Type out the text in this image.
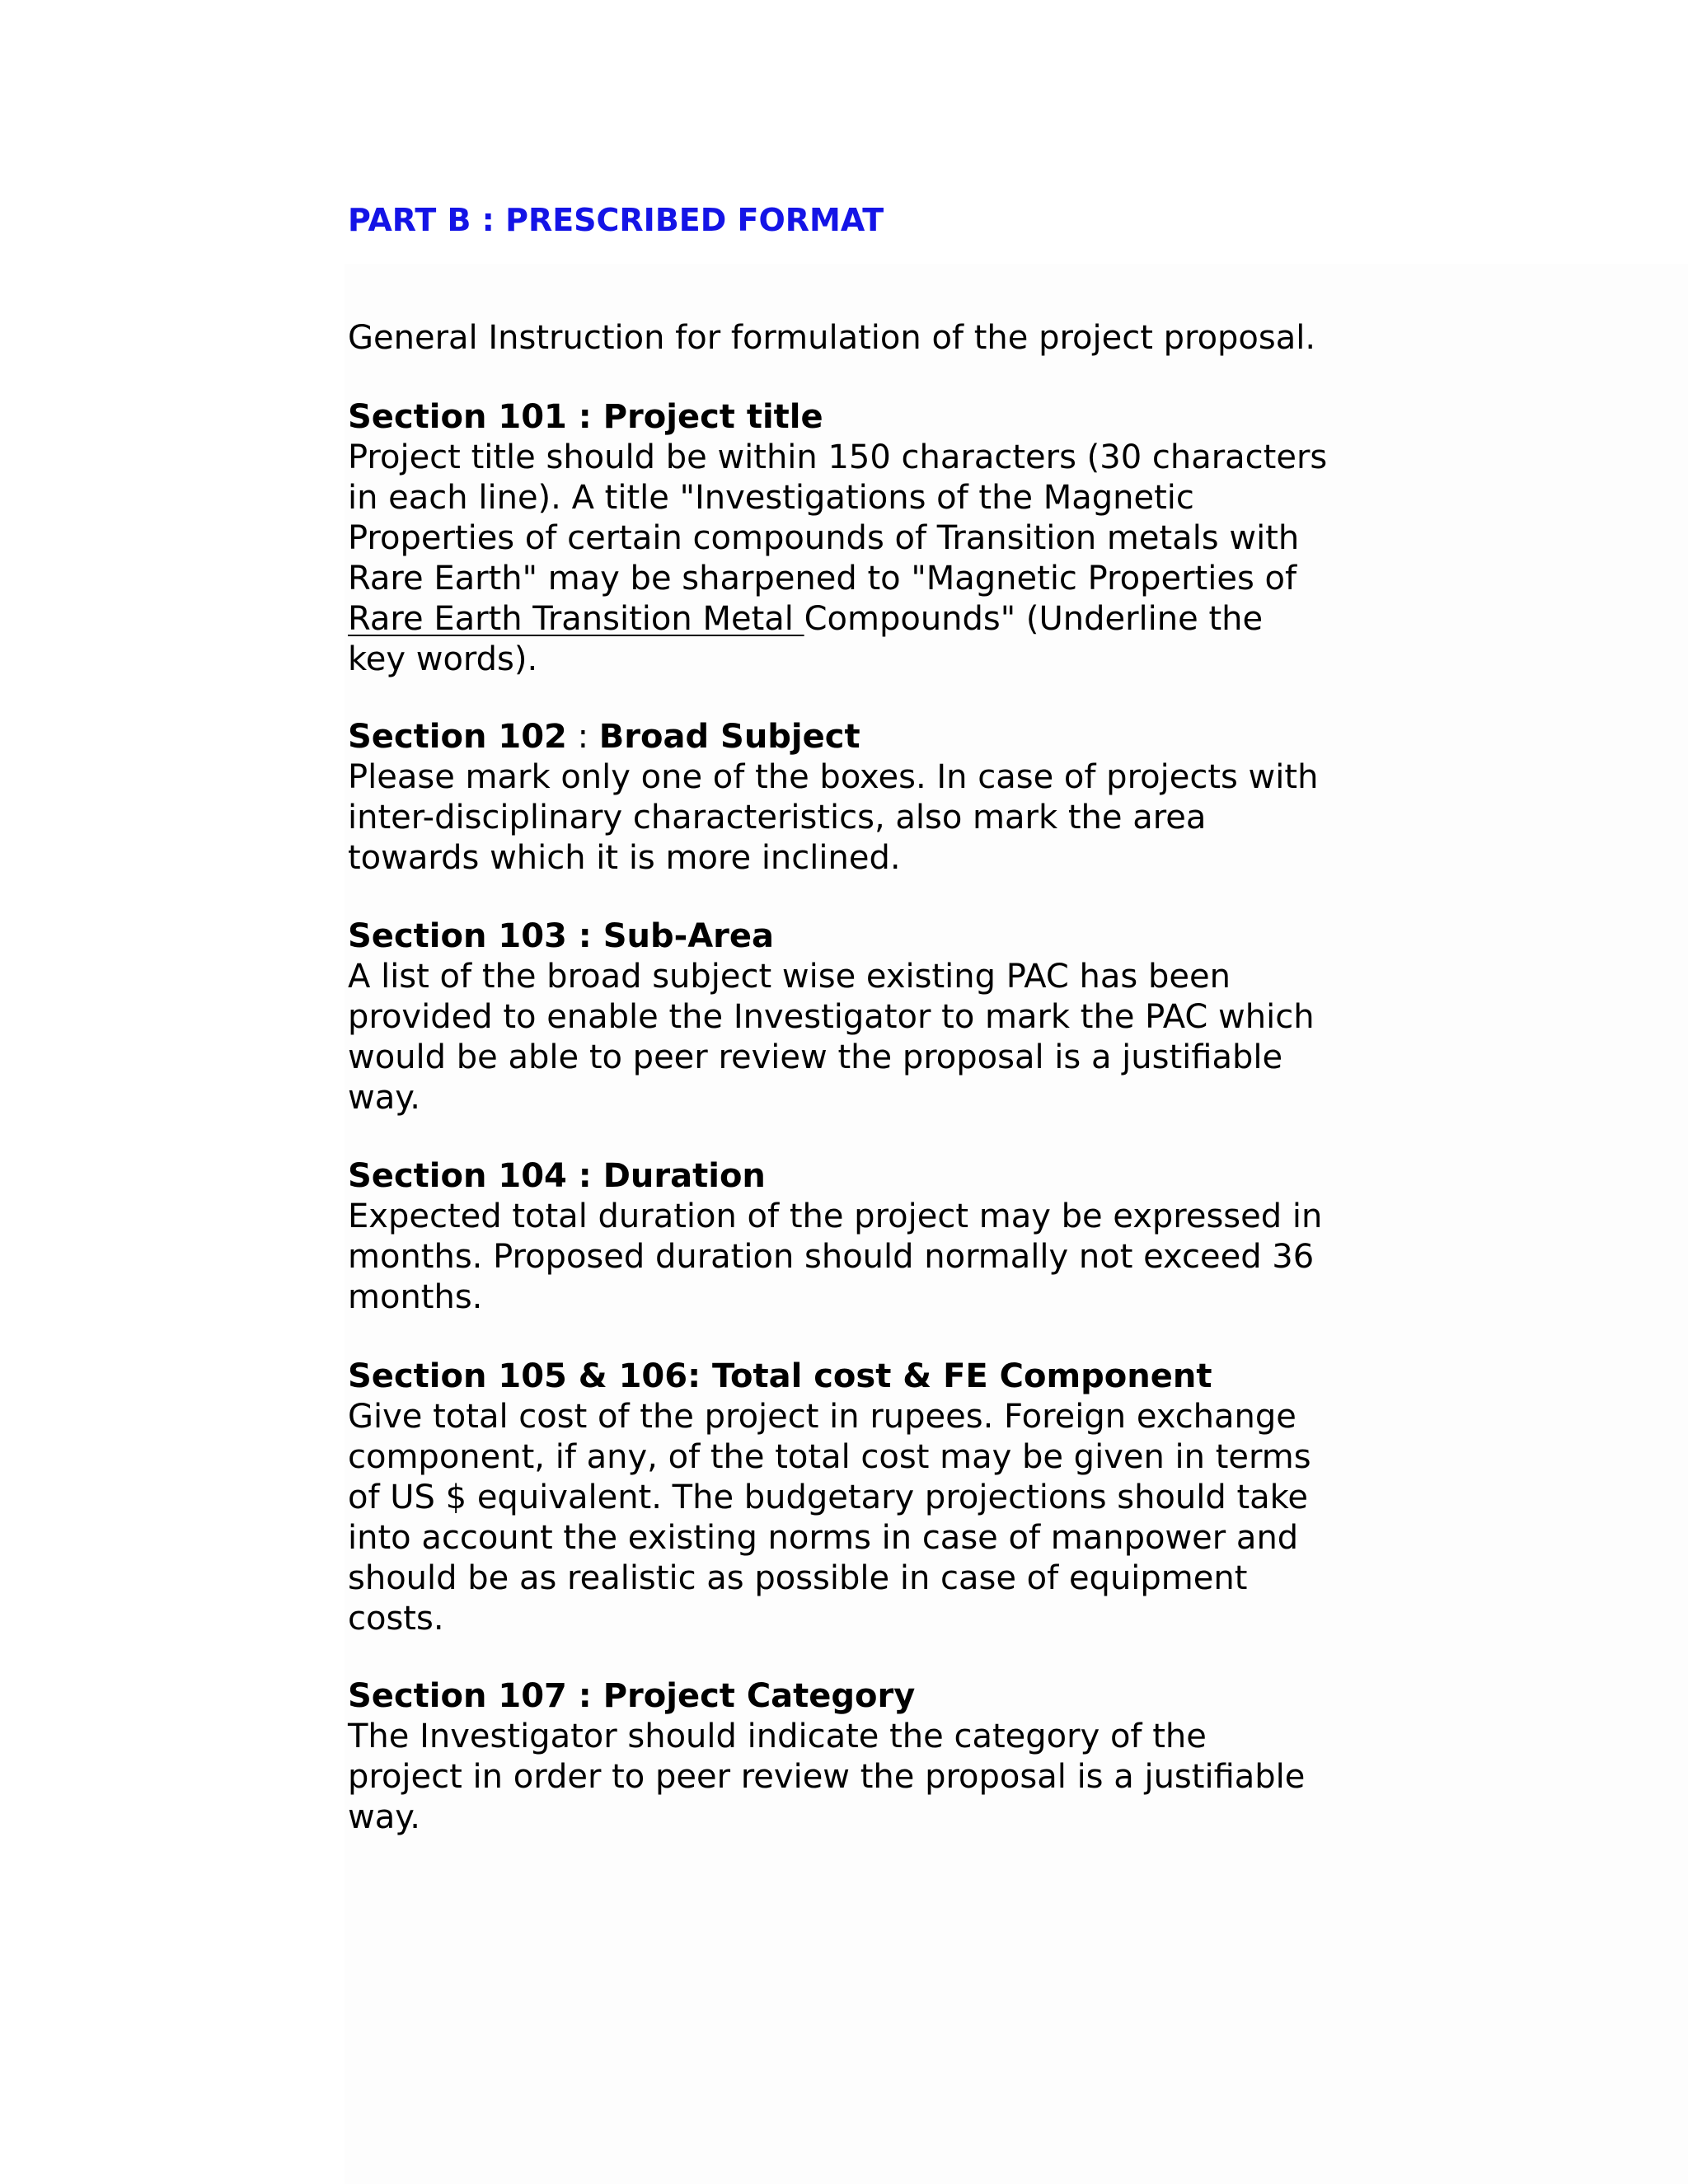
PART B : PRESCRIBED FORMAT

General Instruction for formulation of the project proposal.

Section 101 : Project title

Project title should be within 150 characters (30 characters
in each line). A title "Investigations of the Magnetic
Properties of certain compounds of Transition metals with
Rare Earth" may be sharpened to "Magnetic Properties of
Rare Earth Transition Metal Compounds" (Underline the
key words).

Section 102 : Broad Subject

Please mark only one of the boxes. In case of projects with
inter-disciplinary characteristics, also mark the area
towards which it is more inclined.

Section 103 : Sub-Area

A list of the broad subject wise existing PAC has been
provided to enable the Investigator to mark the PAC which
would be able to peer review the proposal is a justifiable
way.

Section 104 : Duration

Expected total duration of the project may be expressed in
months. Proposed duration should normally not exceed 36
months.

Section 105 & 106: Total cost & FE Component

Give total cost of the project in rupees. Foreign exchange
component, if any, of the total cost may be given in terms
of US $ equivalent. The budgetary projections should take
into account the existing norms in case of manpower and
should be as realistic as possible in case of equipment
costs.

Section 107 : Project Category

The Investigator should indicate the category of the
project in order to peer review the proposal is a justifiable
way.
